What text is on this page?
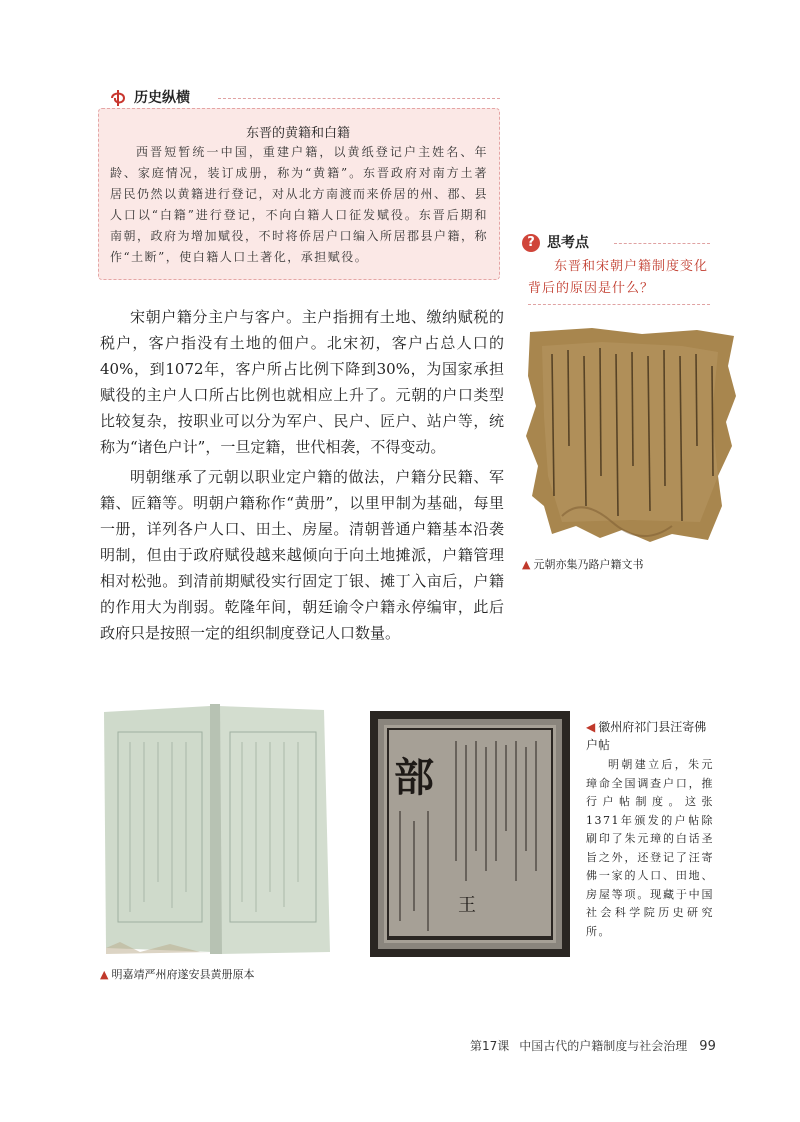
历史纵横
东晋的黄籍和白籍
西晋短暂统一中国，重建户籍，以黄纸登记户主姓名、年龄、家庭情况，装订成册，称为“黄籍”。东晋政府对南方土著居民仍然以黄籍进行登记，对从北方南渡而来侨居的州、郡、县人口以“白籍”进行登记，不向白籍人口征发赋役。东晋后期和南朝，政府为增加赋役，不时将侨居户口编入所居郡县户籍，称作“土断”，使白籍人口土著化，承担赋役。
? 思考点
东晋和宋朝户籍制度变化背后的原因是什么？

宋朝户籍分主户与客户。主户指拥有土地、缴纳赋税的税户，客户指没有土地的佃户。北宋初，客户占总人口的40%，到1072年，客户所占比例下降到30%，为国家承担赋役的主户人口所占比例也就相应上升了。元朝的户口类型比较复杂，按职业可以分为军户、民户、匠户、站户等，统称为“诸色户计”，一旦定籍，世代相袭，不得变动。

明朝继承了元朝以职业定户籍的做法，户籍分民籍、军籍、匠籍等。明朝户籍称作“黄册”，以里甲制为基础，每里一册，详列各户人口、田土、房屋。清朝普通户籍基本沿袭明制，但由于政府赋役越来越倾向于向土地摊派，户籍管理相对松弛。到清前期赋役实行固定丁银、摊丁入亩后，户籍的作用大为削弱。乾隆年间，朝廷谕令户籍永停编审，此后政府只是按照一定的组织制度登记人口数量。

▲ 元朝亦集乃路户籍文书
▲ 明嘉靖严州府遂安县黄册原本
部
王
◀ 徽州府祁门县汪寄佛户帖
明朝建立后，朱元璋命全国调查户口，推行户帖制度。这张1371年颁发的户帖除刷印了朱元璋的白话圣旨之外，还登记了汪寄佛一家的人口、田地、房屋等项。现藏于中国社会科学院历史研究所。
第17课 中国古代的户籍制度与社会治理 99
